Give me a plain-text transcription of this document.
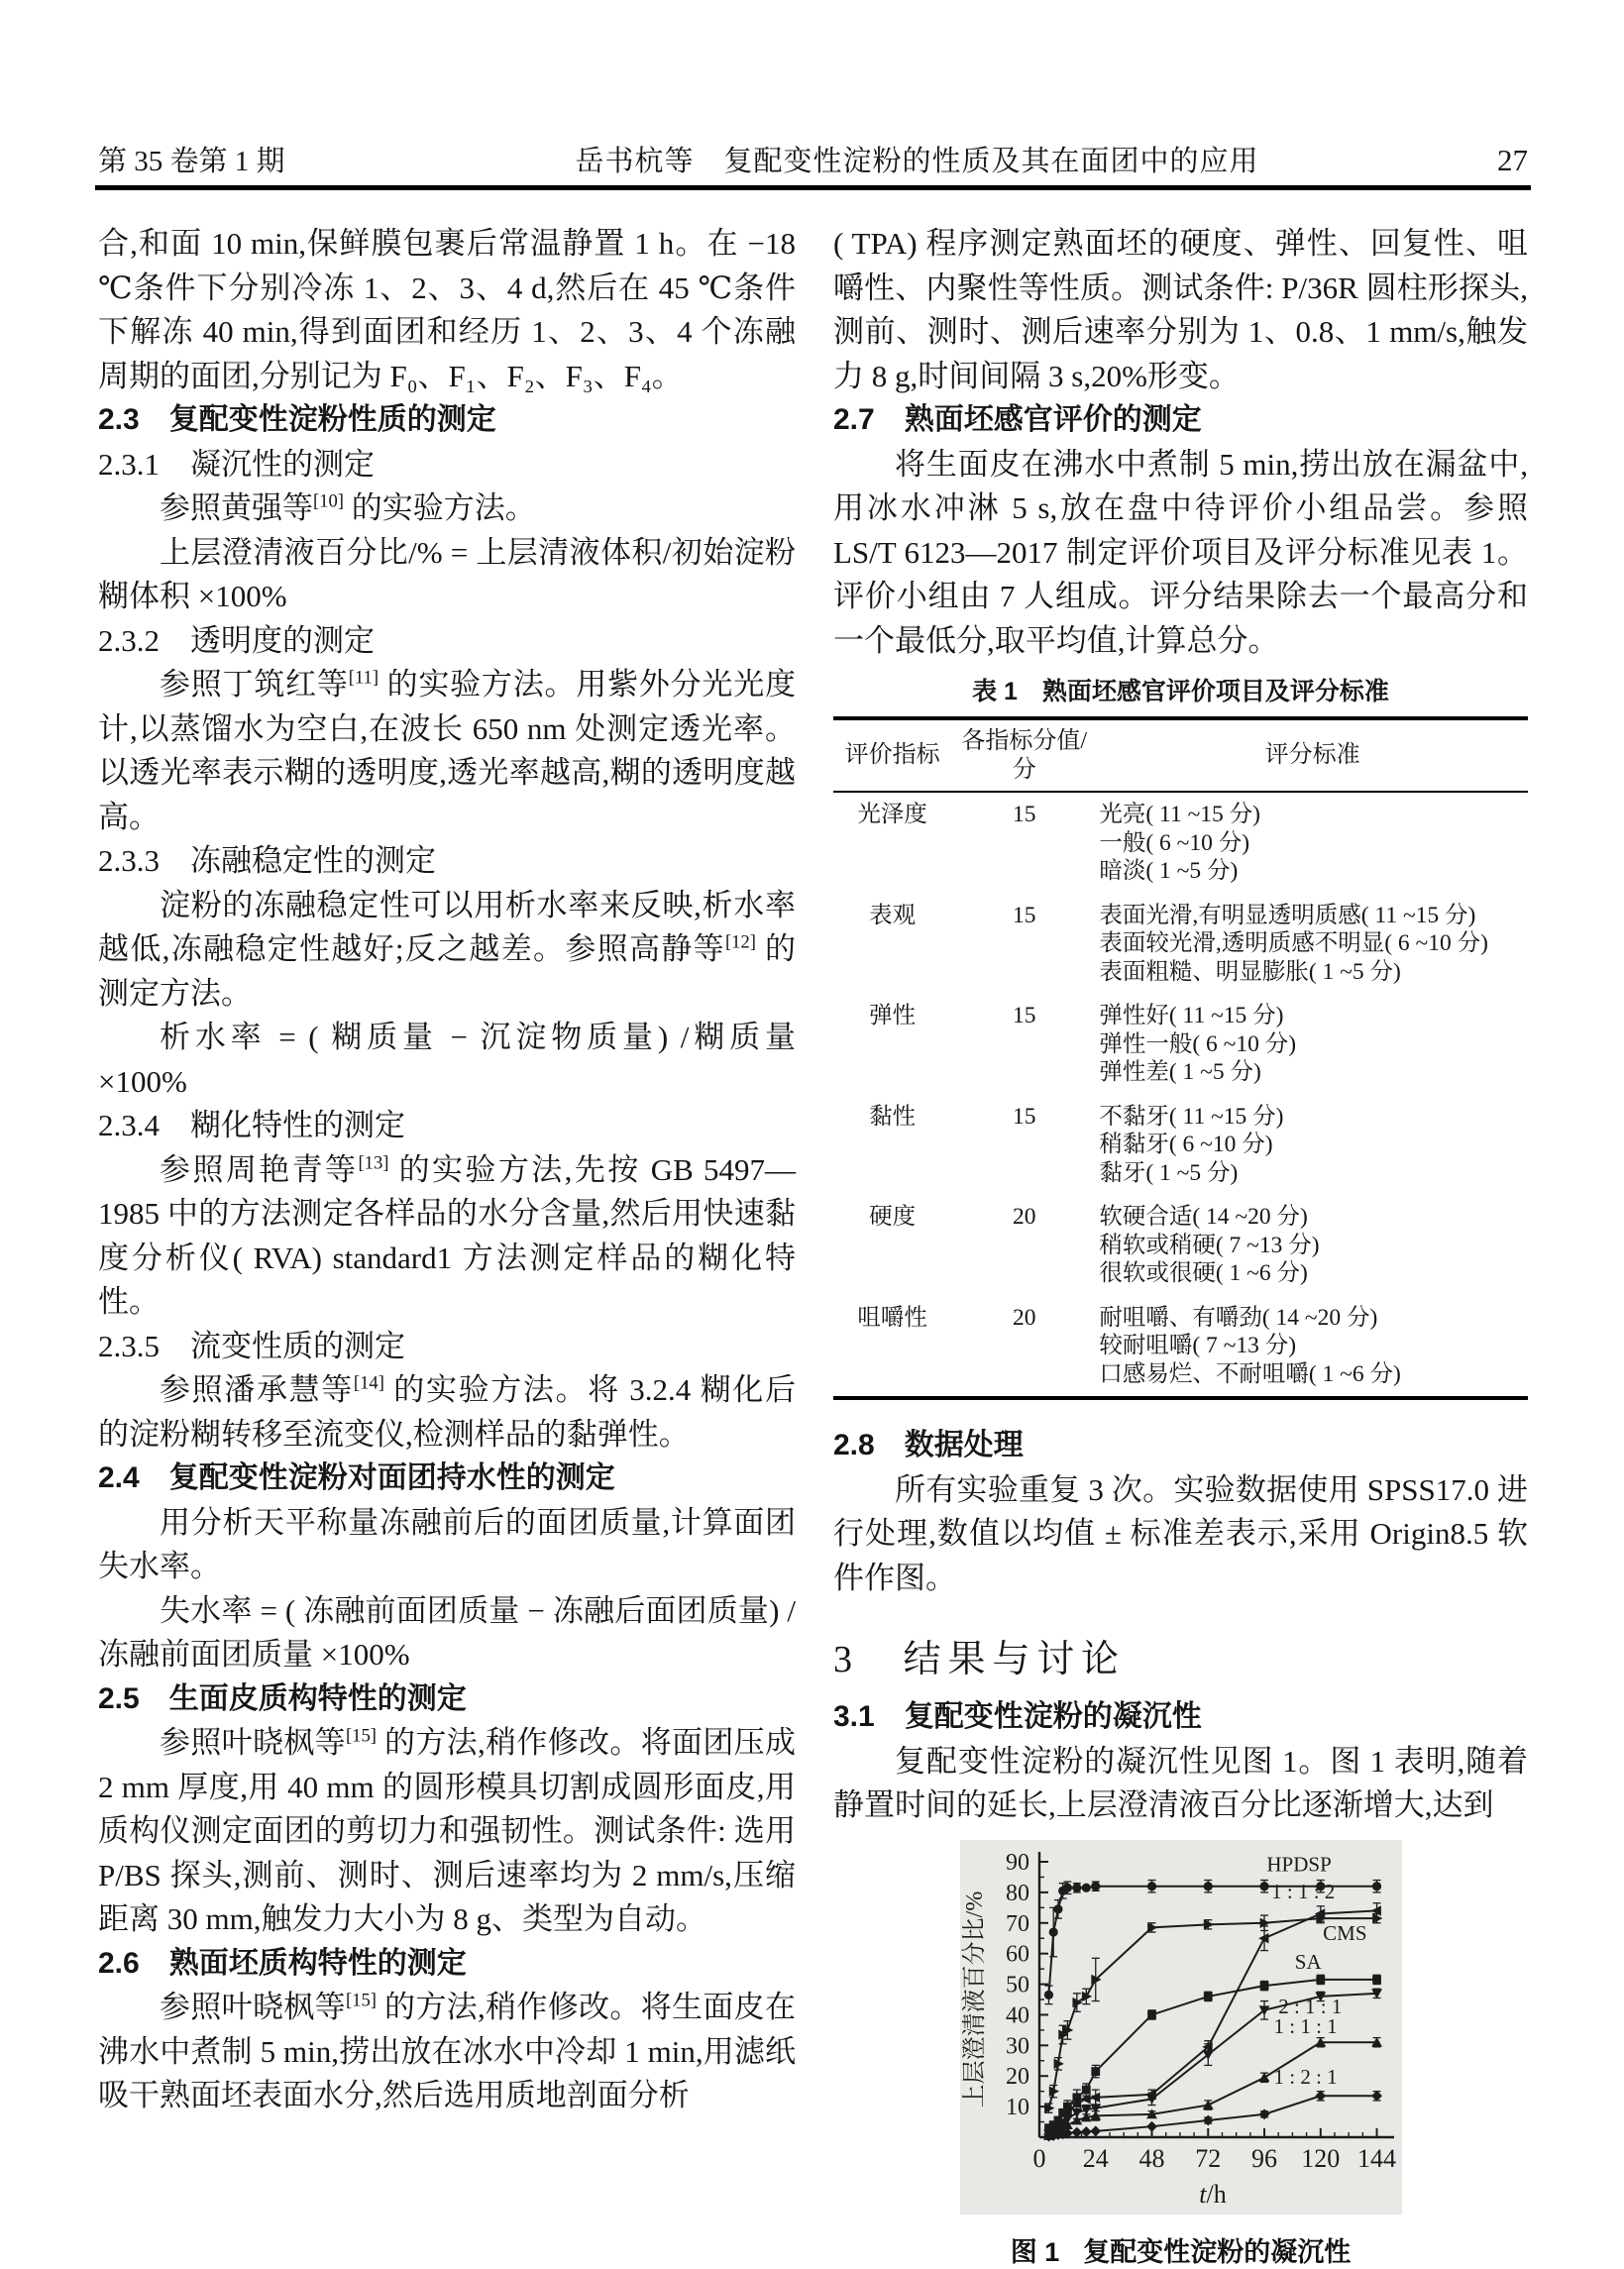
第 35 卷第 1 期	岳书杭等　复配变性淀粉的性质及其在面团中的应用	27

合,和面 10 min,保鲜膜包裹后常温静置 1 h。在 −18 ℃条件下分别冷冻 1、2、3、4 d,然后在 45 ℃条件下解冻 40 min,得到面团和经历 1、2、3、4 个冻融周期的面团,分别记为 F₀、F₁、F₂、F₃、F₄。

2.3　复配变性淀粉性质的测定
2.3.1　凝沉性的测定

参照黄强等[10] 的实验方法。

上层澄清液百分比/% = 上层清液体积/初始淀粉糊体积 ×100%

2.3.2　透明度的测定

参照丁筑红等[11] 的实验方法。用紫外分光光度计,以蒸馏水为空白,在波长 650 nm 处测定透光率。以透光率表示糊的透明度,透光率越高,糊的透明度越高。

2.3.3　冻融稳定性的测定

淀粉的冻融稳定性可以用析水率来反映,析水率越低,冻融稳定性越好;反之越差。参照高静等[12] 的测定方法。

析水率 = ( 糊质量 − 沉淀物质量) /糊质量 ×100%

2.3.4　糊化特性的测定

参照周艳青等[13] 的实验方法,先按 GB 5497—1985 中的方法测定各样品的水分含量,然后用快速黏度分析仪( RVA) standard1 方法测定样品的糊化特性。

2.3.5　流变性质的测定

参照潘承慧等[14] 的实验方法。将 3.2.4 糊化后的淀粉糊转移至流变仪,检测样品的黏弹性。

2.4　复配变性淀粉对面团持水性的测定

用分析天平称量冻融前后的面团质量,计算面团失水率。

失水率 = ( 冻融前面团质量 − 冻融后面团质量) /冻融前面团质量 ×100%

2.5　生面皮质构特性的测定

参照叶晓枫等[15] 的方法,稍作修改。将面团压成 2 mm 厚度,用 40 mm 的圆形模具切割成圆形面皮,用质构仪测定面团的剪切力和强韧性。测试条件: 选用 P/BS 探头,测前、测时、测后速率均为 2 mm/s,压缩距离 30 mm,触发力大小为 8 g、类型为自动。

2.6　熟面坯质构特性的测定

参照叶晓枫等[15] 的方法,稍作修改。将生面皮在沸水中煮制 5 min,捞出放在冰水中冷却 1 min,用滤纸吸干熟面坯表面水分,然后选用质地剖面分析

( TPA) 程序测定熟面坯的硬度、弹性、回复性、咀嚼性、内聚性等性质。测试条件: P/36R 圆柱形探头,测前、测时、测后速率分别为 1、0.8、1 mm/s,触发力 8 g,时间间隔 3 s,20%形变。

2.7　熟面坯感官评价的测定

将生面皮在沸水中煮制 5 min,捞出放在漏盆中,用冰水冲淋 5 s,放在盘中待评价小组品尝。参照 LS/T 6123—2017 制定评价项目及评分标准见表 1。评价小组由 7 人组成。评分结果除去一个最高分和一个最低分,取平均值,计算总分。

表 1　熟面坯感官评价项目及评分标准
评价指标	各指标分值/分	评分标准
光泽度	15	光亮( 11 ~15 分)
一般( 6 ~10 分)
暗淡( 1 ~5 分)

表观	15	表面光滑,有明显透明质感( 11 ~15 分)
表面较光滑,透明质感不明显( 6 ~10 分)
表面粗糙、明显膨胀( 1 ~5 分)

弹性	15	弹性好( 11 ~15 分)
弹性一般( 6 ~10 分)
弹性差( 1 ~5 分)

黏性	15	不黏牙( 11 ~15 分)
稍黏牙( 6 ~10 分)
黏牙( 1 ~5 分)

硬度	20	软硬合适( 14 ~20 分)
稍软或稍硬( 7 ~13 分)
很软或很硬( 1 ~6 分)

咀嚼性	20	耐咀嚼、有嚼劲( 14 ~20 分)
较耐咀嚼( 7 ~13 分)
口感易烂、不耐咀嚼( 1 ~6 分)
2.8　数据处理

所有实验重复 3 次。实验数据使用 SPSS17.0 进行处理,数值以均值 ± 标准差表示,采用 Origin8.5 软件作图。

3　结果与讨论
3.1　复配变性淀粉的凝沉性

复配变性淀粉的凝沉性见图 1。图 1 表明,随着静置时间的延长,上层澄清液百分比逐渐增大,达到

10
20
30
40
50
60
70
80
90
0 24 48 72 96 120 144
上层澄清液百分比/%
t/h
HPDSP
1 : 1 : 2
CMS
SA
2 : 1 : 1
1 : 1 : 1
1 : 2 : 1
图 1 复配变性淀粉的凝沉性
